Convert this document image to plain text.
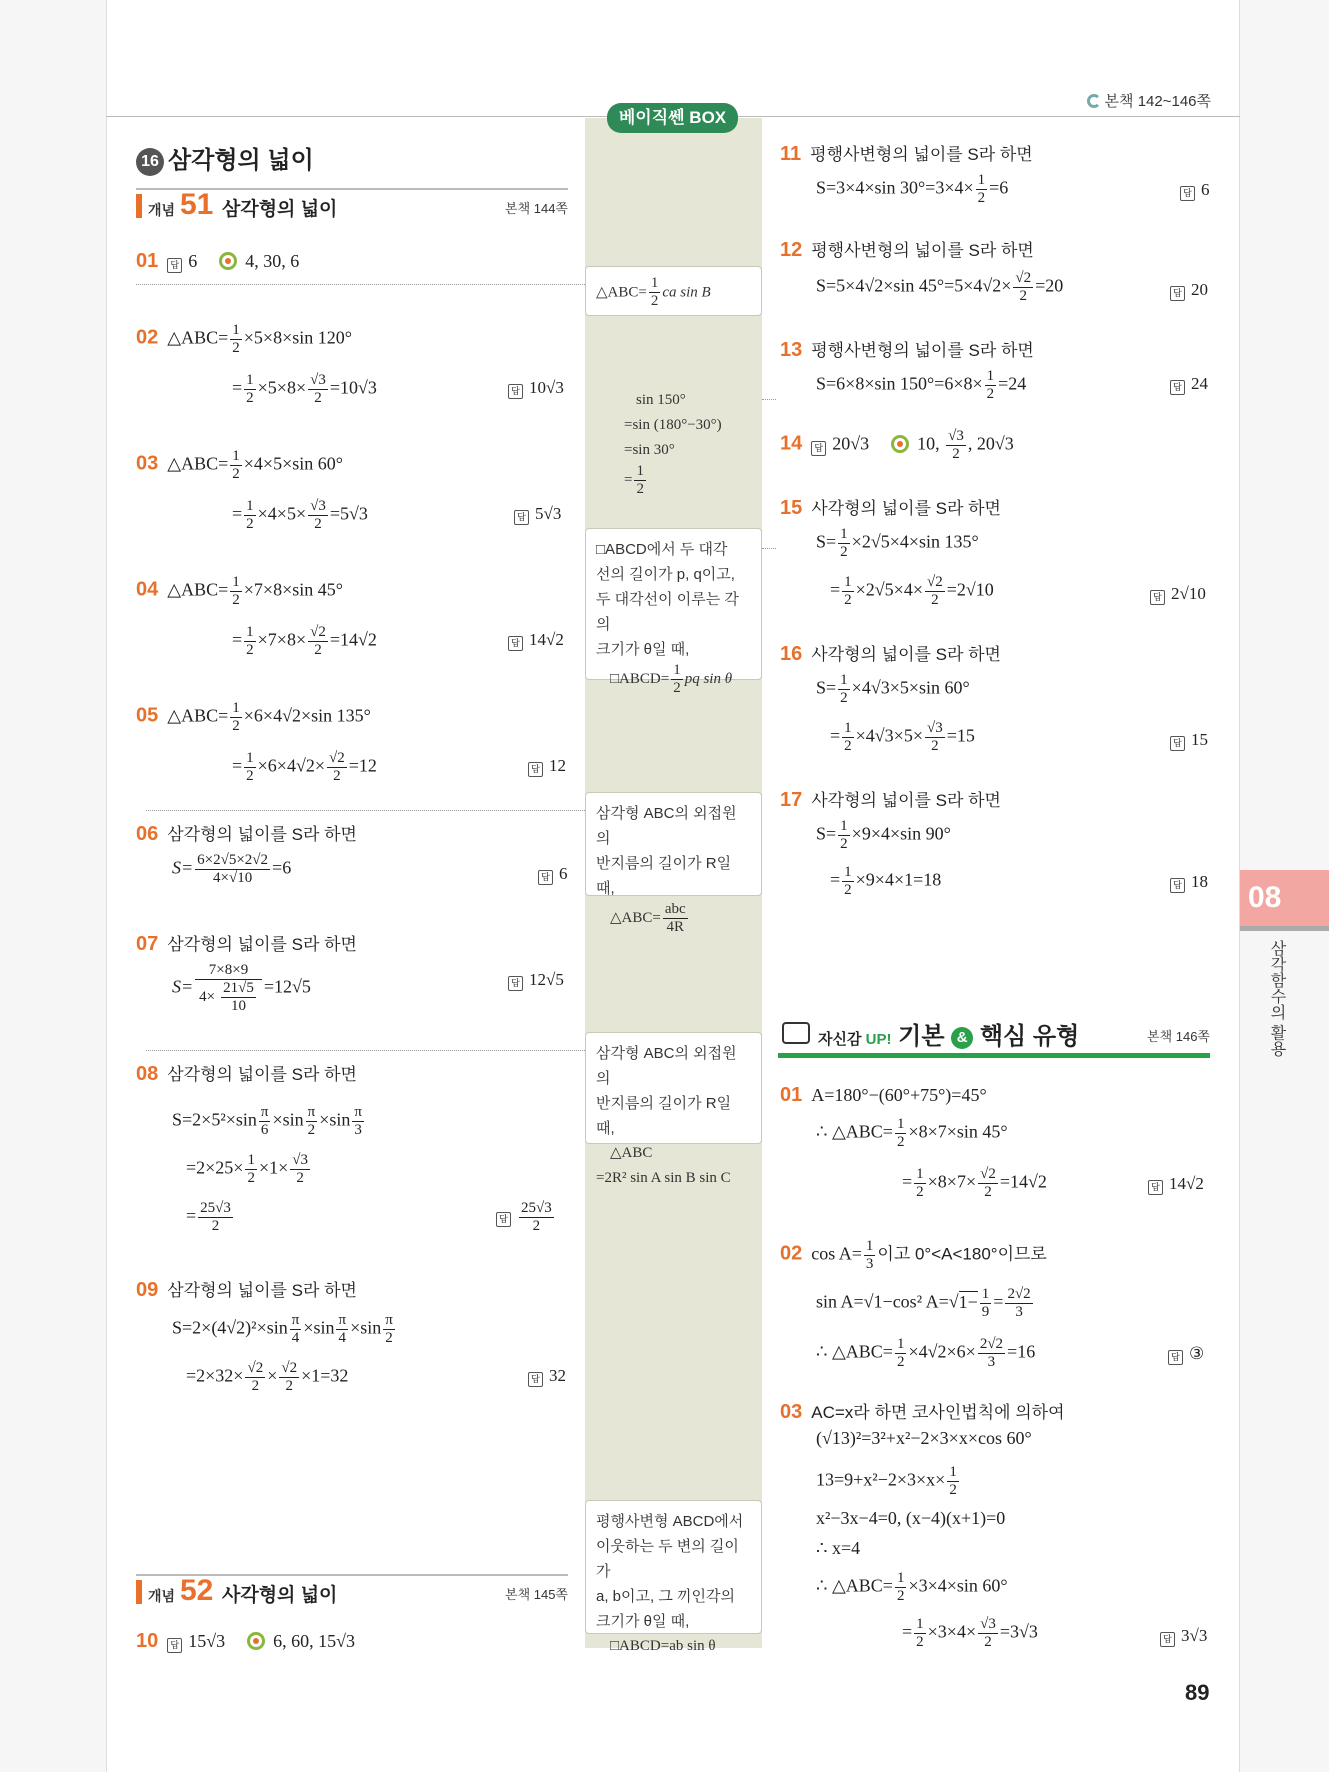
본책 142~146쪽
베이직쎈 BOX
△ABC= $\frac{1}{2}$ ca sin B
sin 150°
=sin (180°−30°)
=sin 30°
= $\frac{1}{2}$
□ABCD에서 두 대각
선의 길이가 p, q이고,
두 대각선이 이루는 각의
크기가 θ일 때,
□ABCD= $\frac{1}{2}$ pq sin θ
삼각형 ABC의 외접원의
반지름의 길이가 R일 때,
△ABC= $\frac{\text{abc}}{4R}$
삼각형 ABC의 외접원의
반지름의 길이가 R일 때,
△ABC
=2R² sin A sin B sin C
평행사변형 ABCD에서
이웃하는 두 변의 길이가
a, b이고, 그 끼인각의
크기가 θ일 때,
□ABCD=ab sin θ
16 삼각형의 넓이
개념 51 삼각형의 넓이	본책 144쪽
01 답 6	4, 30, 6
02 △ABC= $\frac{1}{2} \times 5\times 8\times\sin$ 120°
= $\frac{1}{2} \times 5\times 8\times \frac{√3}{2} =10√3$	답 10√3
03 △ABC= $\frac{1}{2} \times 4\times 5\times\sin$ 60°
= $\frac{1}{2} \times 4\times 5\times \frac{√3}{2} =5√3$	답 5√3
04 △ABC= $\frac{1}{2} \times 7\times 8\times\sin$ 45°
= $\frac{1}{2} \times 7\times 8\times \frac{√2}{2} =14√2$	답 14√2
05 △ABC= $\frac{1}{2} \times 6\times 4√2\times\sin$ 135°
= $\frac{1}{2} \times 6\times 4√2\times \frac{√2}{2} =12$	답 12
06 삼각형의 넓이를 S라 하면
$S= \frac{6\times 2√5\times 2√2}{4\times√10} =6$	답 6
07 삼각형의 넓이를 S라 하면
$S= \frac{7\times 8\times 9}{4\times \frac{21√5}{10}} =12√5$	답 12√5
08 삼각형의 넓이를 S라 하면
$S=2\times 5^2\times\sin \frac{\pi}{6} \times\sin \frac{\pi}{2} \times\sin \frac{\pi}{3}$
$=2\times 25\times \frac{1}{2} \times 1\times \frac{√3}{2}$
= $\frac{25√3}{2}$	답 $\frac{25√3}{2}$
09 삼각형의 넓이를 S라 하면
$S=2\times(4√2)^2\times\sin \frac{\pi}{4} \times\sin \frac{\pi}{4} \times\sin \frac{\pi}{2}$
$=2\times 32\times \frac{√2}{2} \times \frac{√2}{2} \times 1=32$	답 32
개념 52 사각형의 넓이	본책 145쪽
10 답 15√3	6, 60, 15√3
11 평행사변형의 넓이를 S라 하면
S=3×4×sin $30^\circ=3\times 4\times \frac{1}{2} =6$	답 6
12 평행사변형의 넓이를 S라 하면
S=5×4√2×sin $45^\circ=5\times 4√2\times \frac{√2}{2} =20$	답 20
13 평행사변형의 넓이를 S라 하면
S=6×8×sin $150^\circ=6\times 8\times \frac{1}{2} =24$	답 24
14 답 20√3	10, $\frac{√3}{2}$ , 20√3
15 사각형의 넓이를 S라 하면
$S= \frac{1}{2} \times 2√5\times 4\times\sin$ 135°
= $\frac{1}{2} \times 2√5\times 4\times \frac{√2}{2} =2√10$	답 2√10
16 사각형의 넓이를 S라 하면
$S= \frac{1}{2} \times 4√3\times 5\times\sin$ 60°
= $\frac{1}{2} \times 4√3\times 5\times \frac{√3}{2} =15$	답 15
17 사각형의 넓이를 S라 하면
$S= \frac{1}{2} \times 9\times 4\times\sin$ 90°
= $\frac{1}{2} \times 9\times 4\times 1=18$	답 18
자신감 UP! 기본 & 핵심 유형	본책 146쪽
01 A=180°−(60°+75°)=45°
∴ △ABC= $\frac{1}{2} \times 8\times 7\times\sin$ 45°
= $\frac{1}{2} \times 8\times 7\times \frac{√2}{2} =14√2$	답 14√2
02 $\cos A= \frac{1}{3}$ 이고 0°<A<180°이므로
sin A=√1−cos² $A=√1- \frac{1}{9} = \frac{2√2}{3}$
∴ △ABC= $\frac{1}{2} \times 4√2\times 6\times \frac{2√2}{3} =16$	답 ③
03 AC=x라 하면 코사인법칙에 의하여
(√13)²=3²+x²−2×3×x×cos 60°
$13=9+x^2-2\times 3\times x\times \frac{1}{2}$
x²−3x−4=0, (x−4)(x+1)=0
∴ x=4
∴ △ABC= $\frac{1}{2} \times 3\times 4\times\sin$ 60°
= $\frac{1}{2} \times 3\times 4\times \frac{√3}{2} =3√3$	답 3√3
08
삼각함수의 활용
89
